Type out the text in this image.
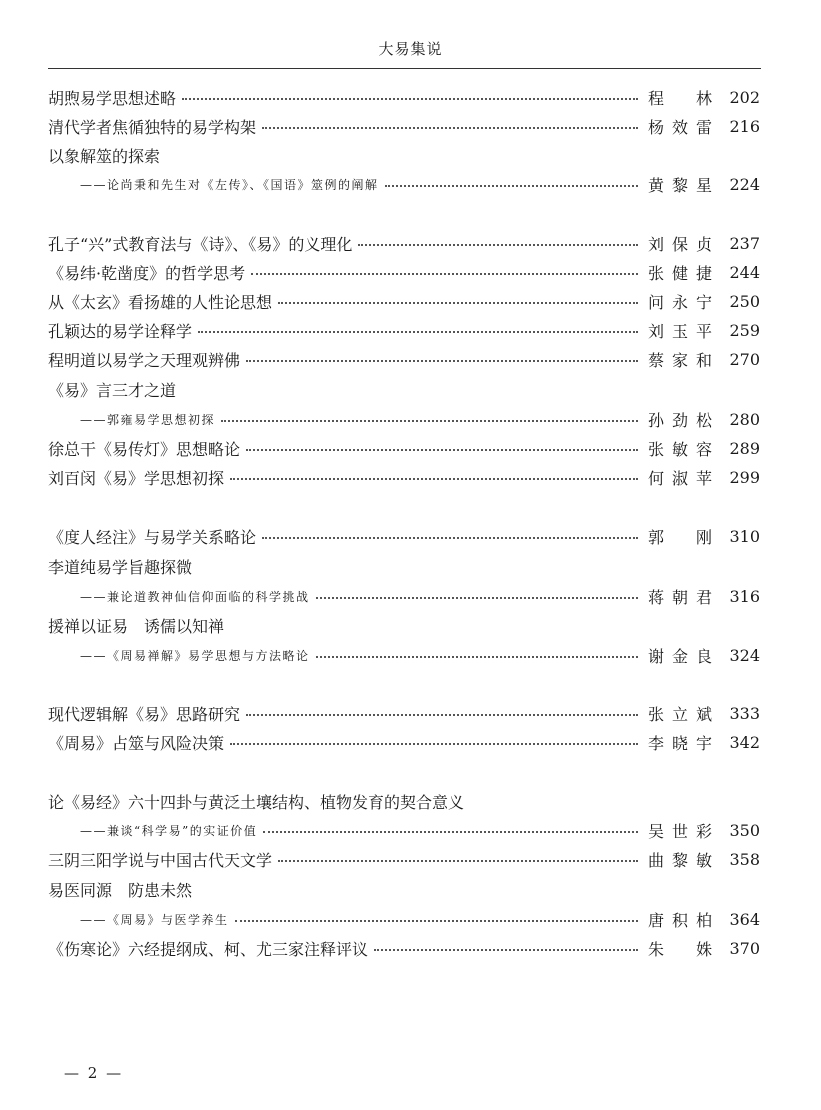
大易集说
胡煦易学思想述略	程林	202
清代学者焦循独特的易学构架	杨效雷	216
以象解筮的探索
——论尚秉和先生对《左传》、《国语》筮例的阐解	黄黎星	224
孔子“兴”式教育法与《诗》、《易》的义理化	刘保贞	237
《易纬·乾凿度》的哲学思考	张健捷	244
从《太玄》看扬雄的人性论思想	问永宁	250
孔颖达的易学诠释学	刘玉平	259
程明道以易学之天理观辨佛	蔡家和	270
《易》言三才之道
——郭雍易学思想初探	孙劲松	280
徐总干《易传灯》思想略论	张敏容	289
刘百闵《易》学思想初探	何淑苹	299
《度人经注》与易学关系略论	郭刚	310
李道纯易学旨趣探微
——兼论道教神仙信仰面临的科学挑战	蒋朝君	316
援禅以证易　诱儒以知禅
——《周易禅解》易学思想与方法略论	谢金良	324
现代逻辑解《易》思路研究	张立斌	333
《周易》占筮与风险决策	李晓宇	342
论《易经》六十四卦与黄泛土壤结构、植物发育的契合意义
——兼谈“科学易”的实证价值	吴世彩	350
三阴三阳学说与中国古代天文学	曲黎敏	358
易医同源　防患未然
——《周易》与医学养生	唐积柏	364
《伤寒论》六经提纲成、柯、尤三家注释评议	朱姝	370
— 2 —
